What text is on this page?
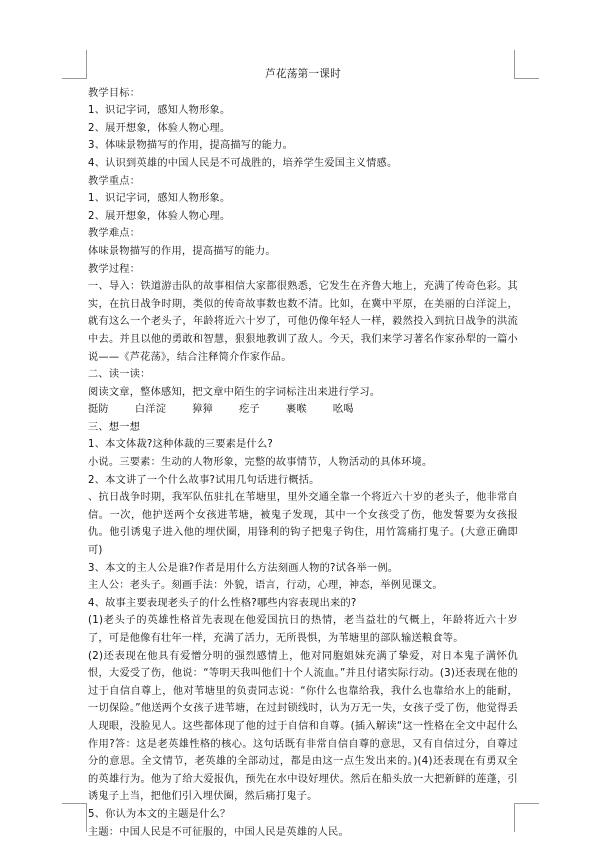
芦花荡第一课时

教学目标：

1、识记字词，感知人物形象。

2、展开想象，体验人物心理。

3、体味景物描写的作用，提高描写的能力。

4、认识到英雄的中国人民是不可战胜的，培养学生爱国主义情感。

教学重点：

1、识记字词，感知人物形象。

2、展开想象，体验人物心理。

教学难点：

体味景物描写的作用，提高描写的能力。

教学过程：

一、导入：铁道游击队的故事相信大家都很熟悉，它发生在齐鲁大地上，充满了传奇色彩。其实，在抗日战争时期，类似的传奇故事数也数不清。比如，在冀中平原，在美丽的白洋淀上，就有这么一个老头子，年龄将近六十岁了，可他仍像年轻人一样，毅然投入到抗日战争的洪流中去。并且以他的勇敢和智慧，狠狠地教训了敌人。今天，我们来学习著名作家孙犁的一篇小说——《芦花荡》，结合注释简介作家作品。

二、读一读：

阅读文章，整体感知，把文章中陌生的字词标注出来进行学习。

挺防	白洋淀	獐獐	疙子	裹喉	吆喝

三、想一想

1、本文体裁?这种体裁的三要素是什么?

小说。三要素：生动的人物形象，完整的故事情节，人物活动的具体环境。

2、本文讲了一个什么故事?试用几句话进行概括。

、抗日战争时期，我军队伍驻扎在苇塘里，里外交通全靠一个将近六十岁的老头子，他非常自信。一次，他护送两个女孩进苇塘，被鬼子发现，其中一个女孩受了伤，他发誓要为女孩报仇。他引诱鬼子进入他的埋伏圈，用锋利的钩子把鬼子钩住，用竹篙痛打鬼子。(大意正确即可)

3、本文的主人公是谁?作者是用什么方法刻画人物的?试各举一例。

主人公：老头子。刻画手法：外貌，语言，行动，心理，神态，举例见课文。

4、故事主要表现老头子的什么性格?哪些内容表现出来的?

(1)老头子的英雄性格首先表现在他爱国抗日的热情，老当益壮的气概上，年龄将近六十岁了，可是他像有壮年一样，充满了活力，无所畏惧，为苇塘里的部队输送粮食等。

(2)还表现在他具有爱憎分明的强烈感情上，他对同胞姐妹充满了挚爱，对日本鬼子满怀仇恨，大爱受了伤，他说：“等明天我叫他们十个人流血。”并且付诸实际行动。(3)还表现在他的过于自信自尊上，他对苇塘里的负责同志说：“你什么也靠给我，我什么也靠给水上的能耐，一切保险。”他送两个女孩子进苇塘，在过封锁线时，认为万无一失，女孩子受了伤，他觉得丢人现眼，没脸见人。这些都体现了他的过于自信和自尊。(插入解读“这一性格在全文中起什么作用?答：这是老英雄性格的核心。这句话既有非常自信自尊的意思，又有自信过分，自尊过分的意思。全文情节，老英雄的全部动过，都是由这一点生发出来的。)(4)还表现在有勇双全的英雄行为。他为了给大爱报仇，预先在水中设好埋伏。然后在船头放一大把新鲜的莲蓬，引诱鬼子上当，把他们引入埋伏圈，然后痛打鬼子。

5、你认为本文的主题是什么？

主题：中国人民是不可征服的，中国人民是英雄的人民。
